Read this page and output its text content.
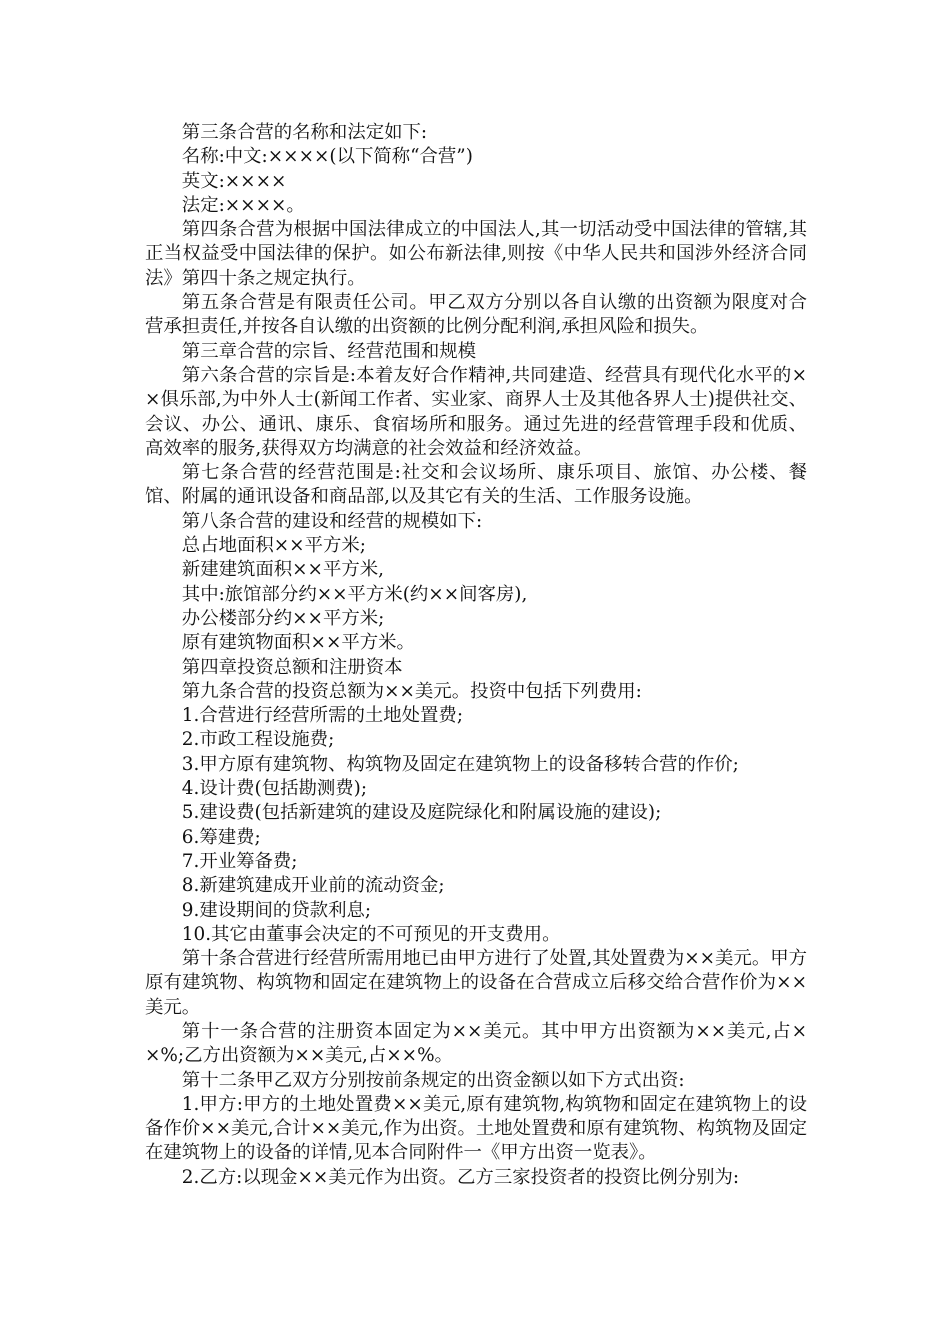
第三条合营的名称和法定如下:

名称:中文:××××(以下简称“合营”)

英文:××××

法定:××××。

第四条合营为根据中国法律成立的中国法人,其一切活动受中国法律的管辖,其正当权益受中国法律的保护。如公布新法律,则按《中华人民共和国涉外经济合同法》第四十条之规定执行。

第五条合营是有限责任公司。甲乙双方分别以各自认缴的出资额为限度对合营承担责任,并按各自认缴的出资额的比例分配利润,承担风险和损失。

第三章合营的宗旨、经营范围和规模

第六条合营的宗旨是:本着友好合作精神,共同建造、经营具有现代化水平的××俱乐部,为中外人士(新闻工作者、实业家、商界人士及其他各界人士)提供社交、会议、办公、通讯、康乐、食宿场所和服务。通过先进的经营管理手段和优质、高效率的服务,获得双方均满意的社会效益和经济效益。

第七条合营的经营范围是:社交和会议场所、康乐项目、旅馆、办公楼、餐馆、附属的通讯设备和商品部,以及其它有关的生活、工作服务设施。

第八条合营的建设和经营的规模如下:

总占地面积××平方米;

新建建筑面积××平方米,

其中:旅馆部分约××平方米(约××间客房),

办公楼部分约××平方米;

原有建筑物面积××平方米。

第四章投资总额和注册资本

第九条合营的投资总额为××美元。投资中包括下列费用:

1.合营进行经营所需的土地处置费;

2.市政工程设施费;

3.甲方原有建筑物、构筑物及固定在建筑物上的设备移转合营的作价;

4.设计费(包括勘测费);

5.建设费(包括新建筑的建设及庭院绿化和附属设施的建设);

6.筹建费;

7.开业筹备费;

8.新建筑建成开业前的流动资金;

9.建设期间的贷款利息;

10.其它由董事会决定的不可预见的开支费用。

第十条合营进行经营所需用地已由甲方进行了处置,其处置费为××美元。甲方原有建筑物、构筑物和固定在建筑物上的设备在合营成立后移交给合营作价为××美元。

第十一条合营的注册资本固定为××美元。其中甲方出资额为××美元,占××%;乙方出资额为××美元,占××%。

第十二条甲乙双方分别按前条规定的出资金额以如下方式出资:

1.甲方:甲方的土地处置费××美元,原有建筑物,构筑物和固定在建筑物上的设备作价××美元,合计××美元,作为出资。土地处置费和原有建筑物、构筑物及固定在建筑物上的设备的详情,见本合同附件一《甲方出资一览表》。

2.乙方:以现金××美元作为出资。乙方三家投资者的投资比例分别为:
